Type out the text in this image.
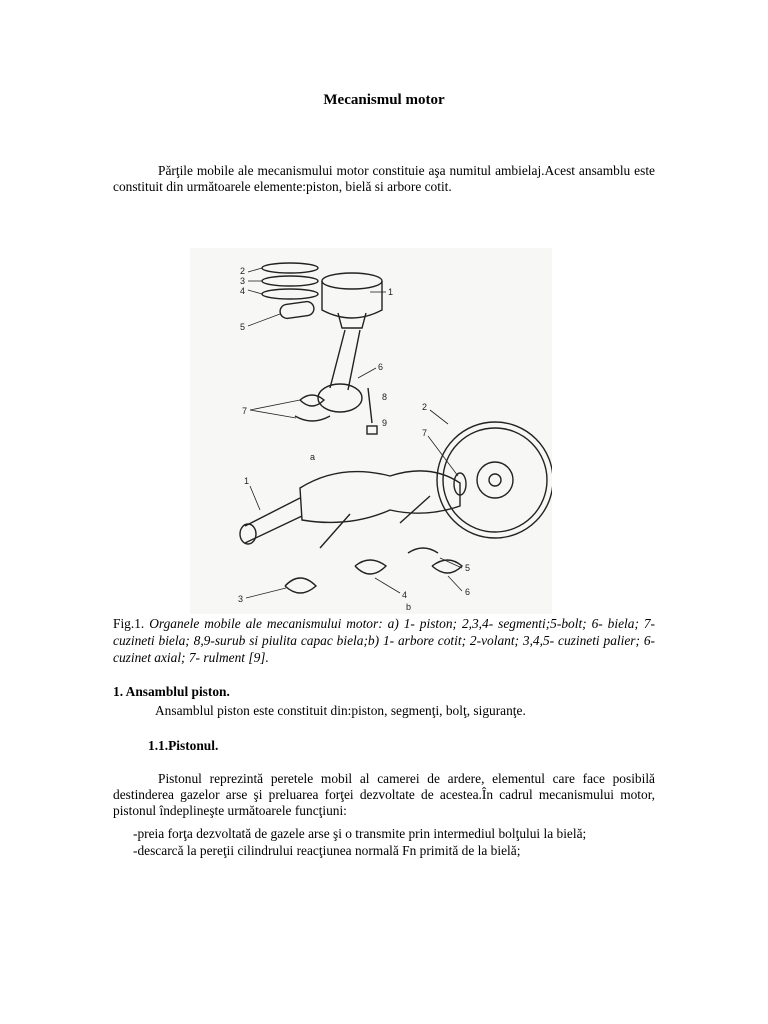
Mecanismul motor

Părţile mobile ale mecanismului motor constituie aşa numitul ambielaj.Acest ansamblu este constituit din următoarele elemente:piston, bielă si arbore cotit.

2
3
4
5
1
6
7
8
9
a
2
7
1
3	4
5
6
b
Fig.1. Organele mobile ale mecanismului motor: a) 1- piston; 2,3,4- segmenti;5-bolt; 6- biela; 7- cuzineti biela; 8,9-surub si piulita capac biela;b) 1- arbore cotit; 2-volant; 3,4,5- cuzineti palier; 6- cuzinet axial; 7- rulment [9].
1. Ansamblul piston.

Ansamblul piston este constituit din:piston, segmenţi, bolţ, siguranţe.

1.1.Pistonul.

Pistonul reprezintă peretele mobil al camerei de ardere, elementul care face posibilă destinderea gazelor arse şi preluarea forţei dezvoltate de acestea.În cadrul mecanismului motor, pistonul îndeplineşte următoarele funcţiuni:

-preia forţa dezvoltată de gazele arse şi o transmite prin intermediul bolţului la bielă;
-descarcă la pereţii cilindrului reacţiunea normală Fn primită de la bielă;
